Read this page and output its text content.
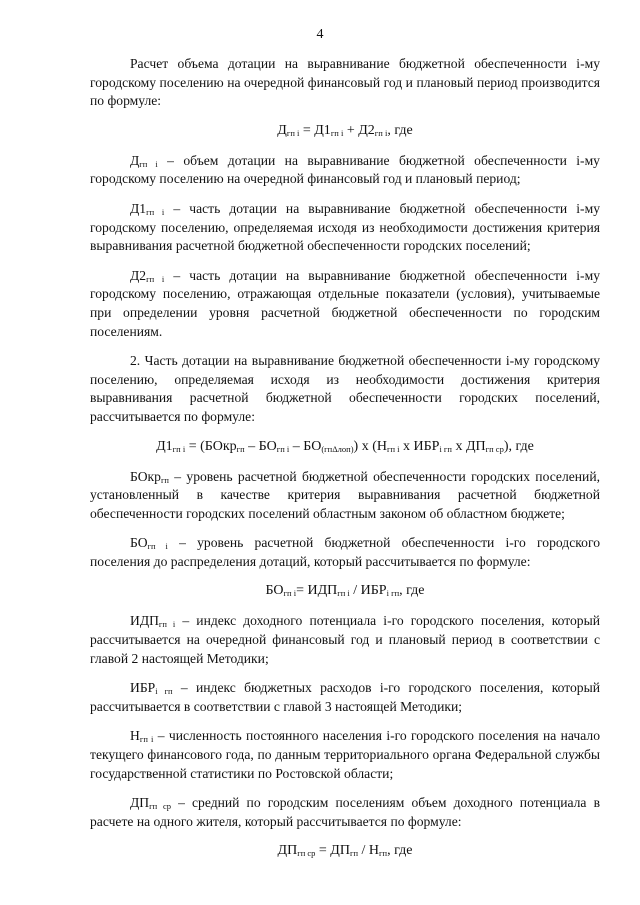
4

Расчет объема дотации на выравнивание бюджетной обеспеченности i-му городскому поселению на очередной финансовый год и плановый период производится по формуле:

$Д_{гп i} = Д1_{гп i} + Д2_{гп i}$, где

$Д_{гп i}$ – объем дотации на выравнивание бюджетной обеспеченности i-му городскому поселению на очередной финансовый год и плановый период;

$Д1_{гп i}$ – часть дотации на выравнивание бюджетной обеспеченности i-му городскому поселению, определяемая исходя из необходимости достижения критерия выравнивания расчетной бюджетной обеспеченности городских поселений;

$Д2_{гп i}$ – часть дотации на выравнивание бюджетной обеспеченности i-му городскому поселению, отражающая отдельные показатели (условия), учитываемые при определении уровня расчетной бюджетной обеспеченности по городским поселениям.

2. Часть дотации на выравнивание бюджетной обеспеченности i-му городскому поселению, определяемая исходя из необходимости достижения критерия выравнивания расчетной бюджетной обеспеченности городских поселений, рассчитывается по формуле:

$Д1_{гп i}$ = (БОкр$_{гп}$ – $БО_{гп i} - БО_{(гп\Delta лоп)}$) х ($Н_{гп i}$ х $ИБР_{i гп}$ х $ДП_{гп ср}$), где

БОкр$_{гп}$ – уровень расчетной бюджетной обеспеченности городских поселений, установленный в качестве критерия выравнивания расчетной бюджетной обеспеченности городских поселений областным законом об областном бюджете;

$БО_{гп i}$ – уровень расчетной бюджетной обеспеченности i-го городского поселения до распределения дотаций, который рассчитывается по формуле:

$БО_{гп i}= ИДП_{гп i} / ИБР_{i гп}$, где

$ИДП_{гп i}$ – индекс доходного потенциала i-го городского поселения, который рассчитывается на очередной финансовый год и плановый период в соответствии с главой 2 настоящей Методики;

$ИБР_{i гп}$ – индекс бюджетных расходов i-го городского поселения, который рассчитывается в соответствии с главой 3 настоящей Методики;

$Н_{гп i}$ – численность постоянного населения i-го городского поселения на начало текущего финансового года, по данным территориального органа Федеральной службы государственной статистики по Ростовской области;

$ДП_{гп ср}$ – средний по городским поселениям объем доходного потенциала в расчете на одного жителя, который рассчитывается по формуле:

$ДП_{гп ср} = ДП_{гп} / Н_{гп}$, где
